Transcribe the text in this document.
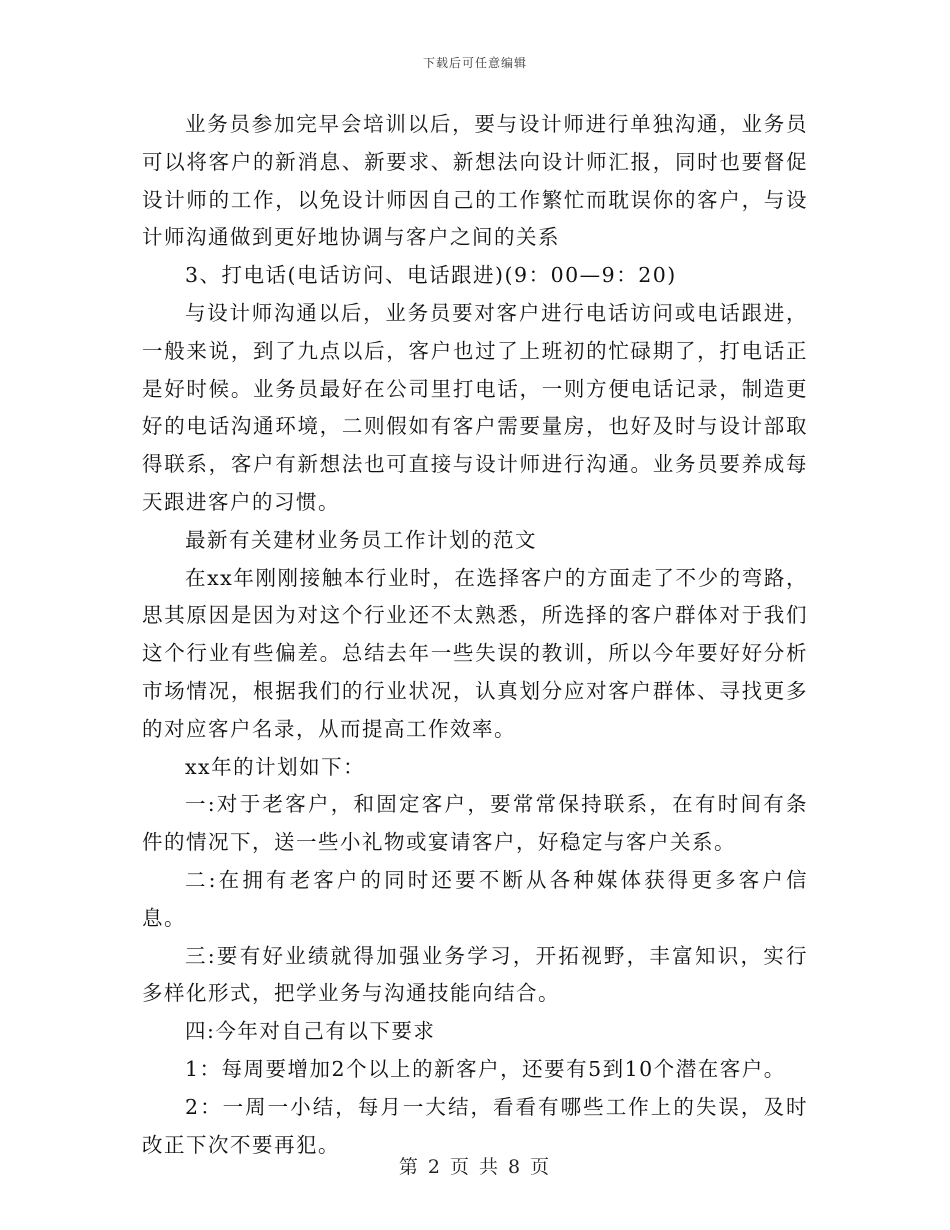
下载后可任意编辑

业务员参加完早会培训以后，要与设计师进行单独沟通，业务员可以将客户的新消息、新要求、新想法向设计师汇报，同时也要督促设计师的工作，以免设计师因自己的工作繁忙而耽误你的客户，与设计师沟通做到更好地协调与客户之间的关系

3、打电话(电话访问、电话跟进)(9：00—9：20)

与设计师沟通以后，业务员要对客户进行电话访问或电话跟进，一般来说，到了九点以后，客户也过了上班初的忙碌期了，打电话正是好时候。业务员最好在公司里打电话，一则方便电话记录，制造更好的电话沟通环境，二则假如有客户需要量房，也好及时与设计部取得联系，客户有新想法也可直接与设计师进行沟通。业务员要养成每天跟进客户的习惯。

最新有关建材业务员工作计划的范文

在xx年刚刚接触本行业时，在选择客户的方面走了不少的弯路，思其原因是因为对这个行业还不太熟悉，所选择的客户群体对于我们这个行业有些偏差。总结去年一些失误的教训，所以今年要好好分析市场情况，根据我们的行业状况，认真划分应对客户群体、寻找更多的对应客户名录，从而提高工作效率。

xx年的计划如下：

一:对于老客户，和固定客户，要常常保持联系，在有时间有条件的情况下，送一些小礼物或宴请客户，好稳定与客户关系。

二:在拥有老客户的同时还要不断从各种媒体获得更多客户信息。

三:要有好业绩就得加强业务学习，开拓视野，丰富知识，实行多样化形式，把学业务与沟通技能向结合。

四:今年对自己有以下要求

1：每周要增加2个以上的新客户，还要有5到10个潜在客户。

2：一周一小结，每月一大结，看看有哪些工作上的失误，及时改正下次不要再犯。

第 2 页 共 8 页
